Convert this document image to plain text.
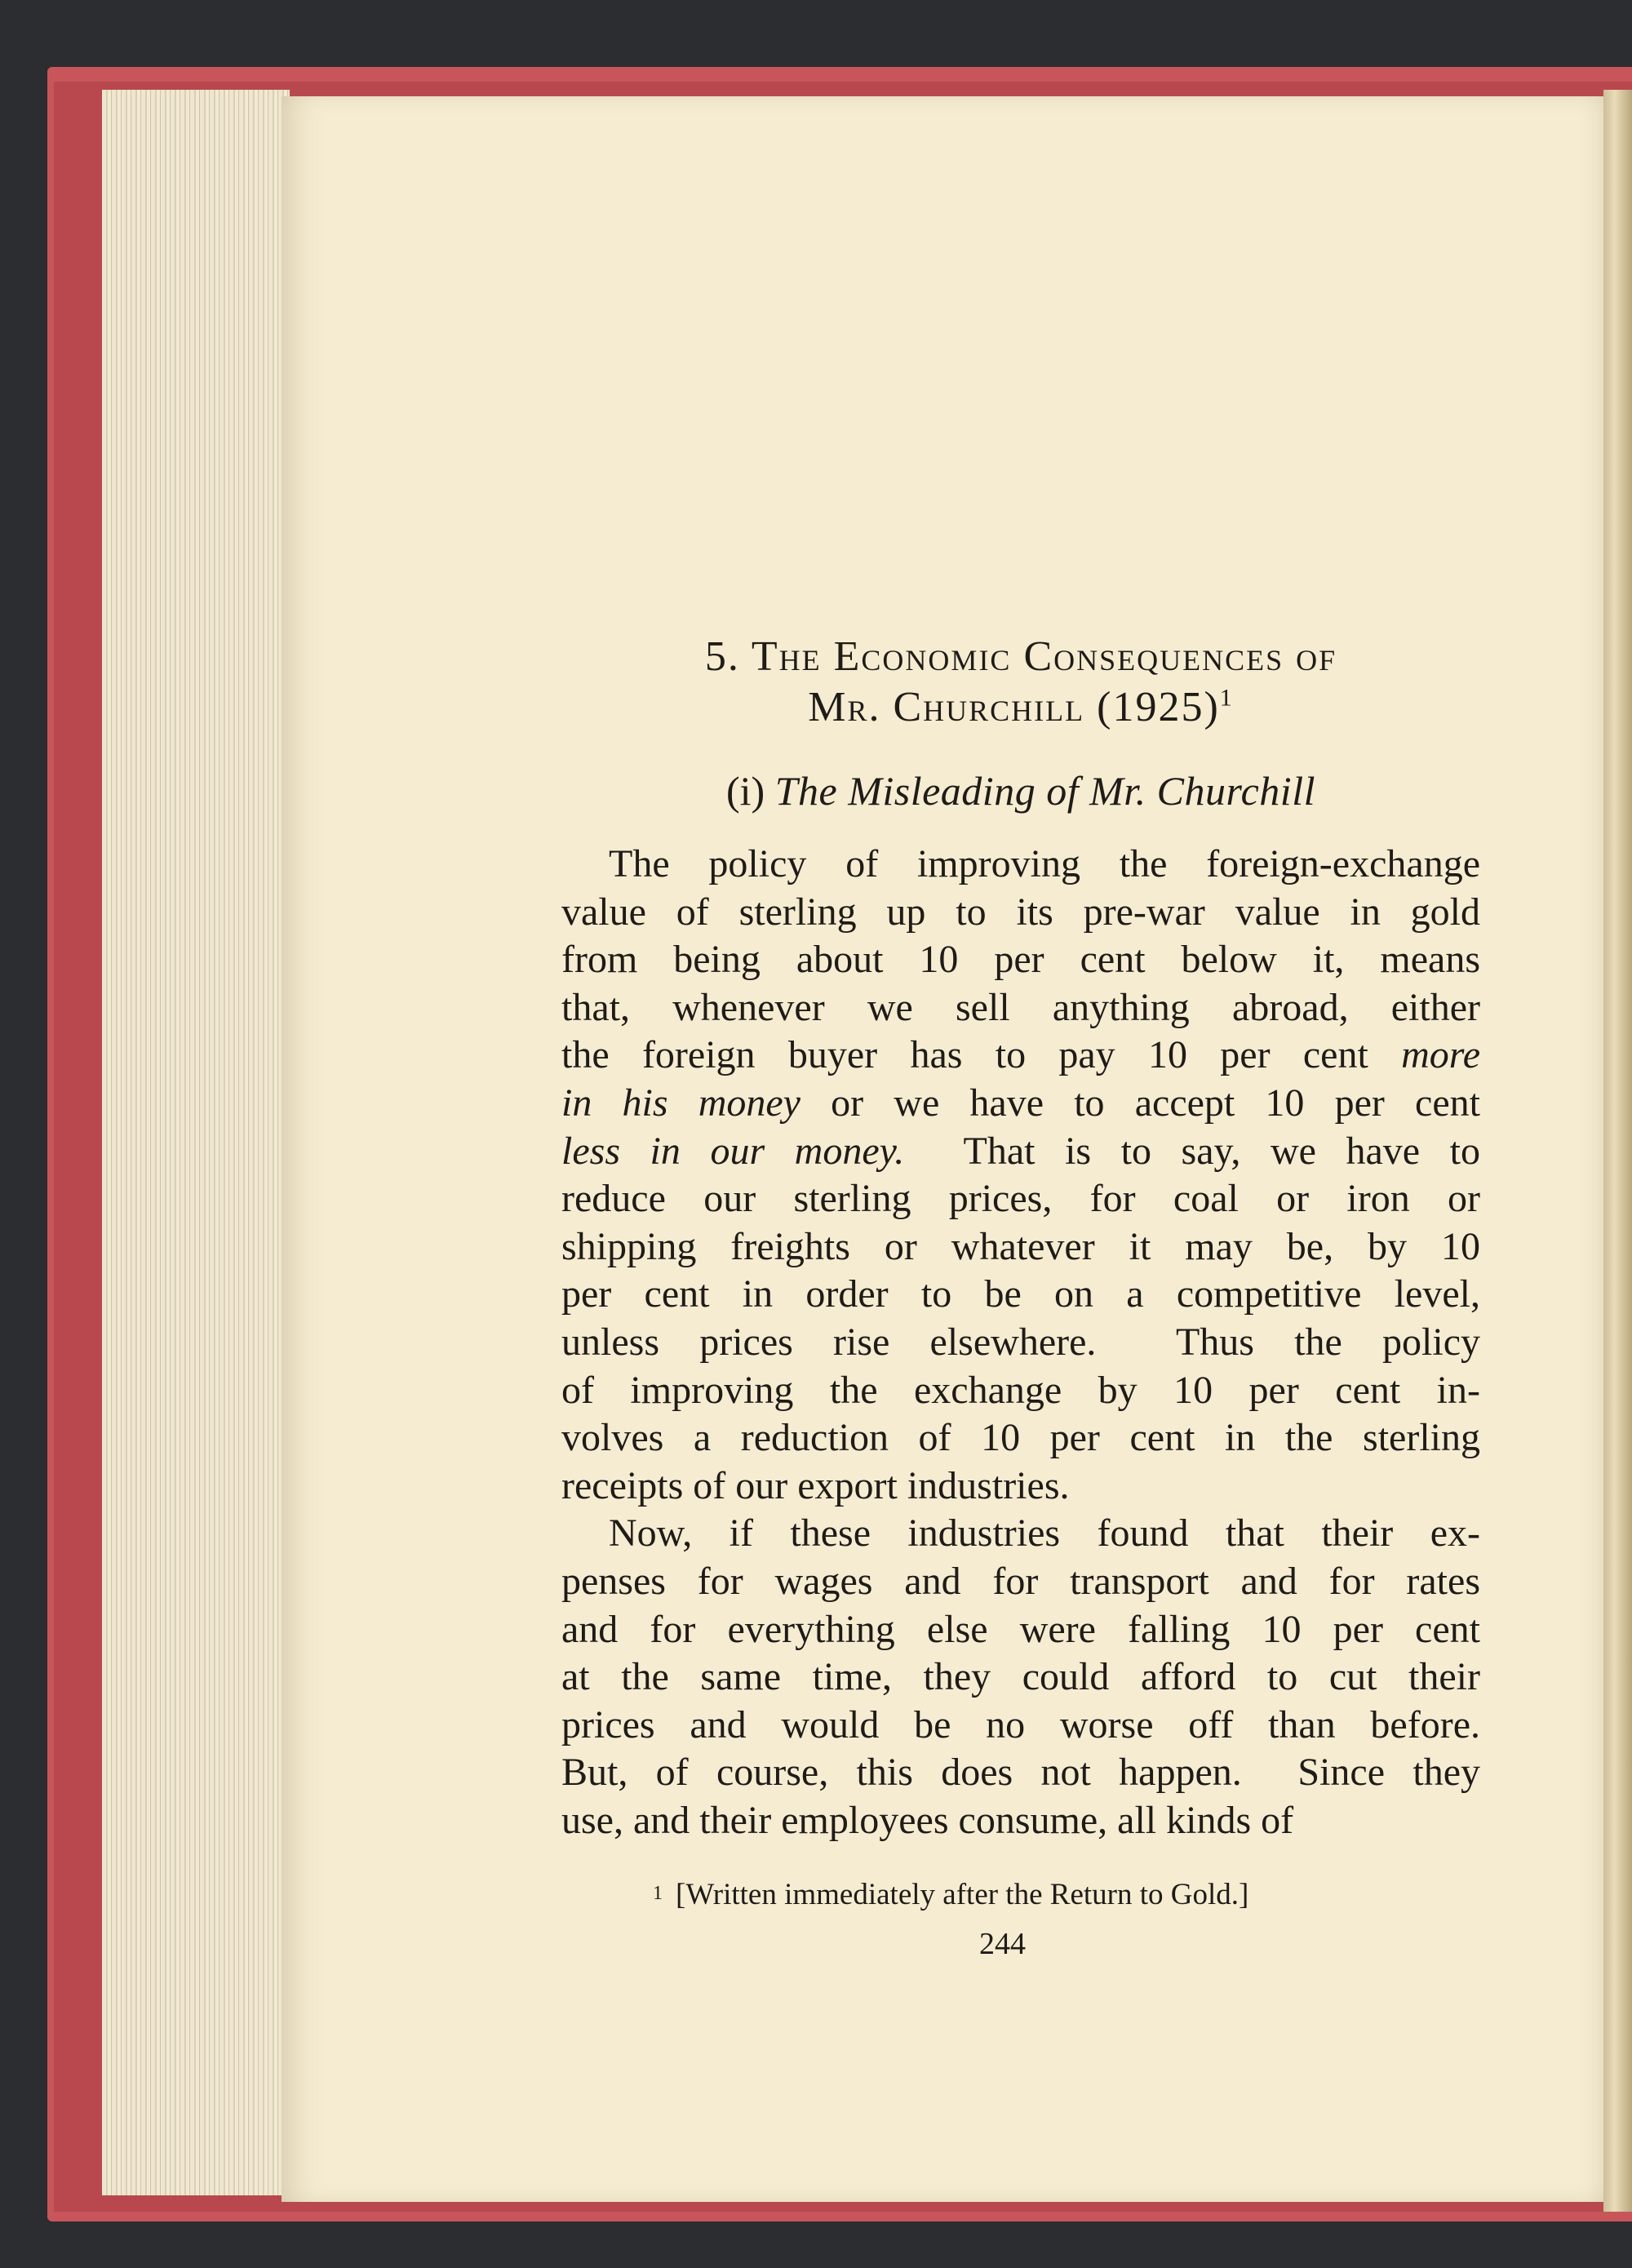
5. The Economic Consequences of
Mr. Churchill $(1925)^1$
(i) The Misleading of Mr. Churchill
The policy of improving the foreign-exchange
value of sterling up to its pre-war value in gold
from being about 10 per cent below it, means
that, whenever we sell anything abroad, either
the foreign buyer has to pay 10 per cent more
in his money or we have to accept 10 per cent
less in our money.  That is to say, we have to
reduce our sterling prices, for coal or iron or
shipping freights or whatever it may be, by 10
per cent in order to be on a competitive level,
unless prices rise elsewhere.  Thus the policy
of improving the exchange by 10 per cent in-
volves a reduction of 10 per cent in the sterling
receipts of our export industries.
Now, if these industries found that their ex-
penses for wages and for transport and for rates
and for everything else were falling 10 per cent
at the same time, they could afford to cut their
prices and would be no worse off than before.
But, of course, this does not happen.  Since they
use, and their employees consume, all kinds of
$^1$ [Written immediately after the Return to Gold.]
244
